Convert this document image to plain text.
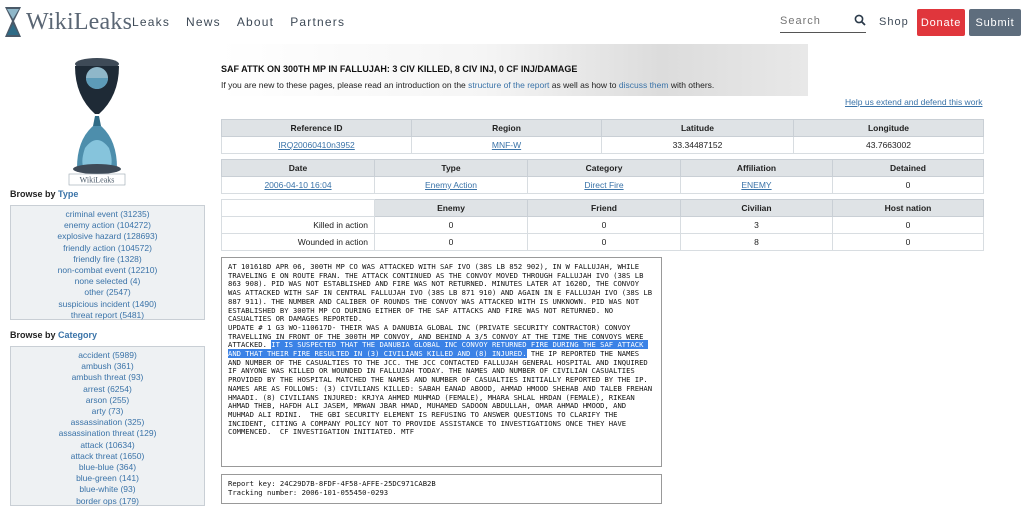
WikiLeaks Leaks News About Partners
Search	Shop	Donate	Submit
WikiLeaks
Browse by Type
criminal event (31235)
enemy action (104272)
explosive hazard (128693)
friendly action (104572)
friendly fire (1328)
non-combat event (12210)
none selected (4)
other (2547)
suspicious incident (1490)
threat report (5481)
Browse by Category
accident (5989)
ambush (361)
ambush threat (93)
arrest (6254)
arson (255)
arty (73)
assassination (325)
assassination threat (129)
attack (10634)
attack threat (1650)
blue-blue (364)
blue-green (141)
blue-white (93)
border ops (179)
SAF ATTK ON 300TH MP IN FALLUJAH: 3 CIV KILLED, 8 CIV INJ, 0 CF INJ/DAMAGE
If you are new to these pages, please read an introduction on the structure of the report as well as how to discuss them with others.
Help us extend and defend this work
Reference ID	Region	Latitude	Longitude
IRQ20060410n3952	MNF-W	33.34487152	43.7663002
Date	Type	Category	Affiliation	Detained
2006-04-10 16:04	Enemy Action	Direct Fire	ENEMY	0
	Enemy	Friend	Civilian	Host nation
Killed in action	0	0	3	0
Wounded in action	0	0	8	0
AT 101618D APR 06, 300TH MP CO WAS ATTACKED WITH SAF IVO (38S LB 852 902), IN W FALLUJAH, WHILE TRAVELING E ON ROUTE FRAN. THE ATTACK CONTINUED AS THE CONVOY MOVED THROUGH FALLUJAH IVO (38S LB 863 908). PID WAS NOT ESTABLISHED AND FIRE WAS NOT RETURNED. MINUTES LATER AT 1620D, THE CONVOY WAS ATTACKED WITH SAF IN CENTRAL FALLUJAH IVO (38S LB 871 910) AND AGAIN IN E FALLUJAH IVO (38S LB 887 911). THE NUMBER AND CALIBER OF ROUNDS THE CONVOY WAS ATTACKED WITH IS UNKNOWN. PID WAS NOT ESTABLISHED BY 300TH MP CO DURING EITHER OF THE SAF ATTACKS AND FIRE WAS NOT RETURNED. NO CASUALTIES OR DAMAGES REPORTED.
UPDATE # 1 G3 WO-110617D- THEIR WAS A DANUBIA GLOBAL INC (PRIVATE SECURITY CONTRACTOR) CONVOY TRAVELLING IN FRONT OF THE 300TH MP CONVOY, AND BEHIND A 3/5 CONVOY AT THE TIME THE CONVOYS WERE ATTACKED. IT IS SUSPECTED THAT THE DANUBIA GLOBAL INC CONVOY RETURNED FIRE DURING THE SAF ATTACK AND THAT THEIR FIRE RESULTED IN (3) CIVILIANS KILLED AND (8) INJURED. THE IP REPORTED THE NAMES AND NUMBER OF THE CASUALTIES TO THE JCC. THE JCC CONTACTED FALLUJAH GENERAL HOSPITAL AND INQUIRED IF ANYONE WAS KILLED OR WOUNDED IN FALLUJAH TODAY. THE NAMES AND NUMBER OF CIVILIAN CASUALTIES PROVIDED BY THE HOSPITAL MATCHED THE NAMES AND NUMBER OF CASUALTIES INITIALLY REPORTED BY THE IP. NAMES ARE AS FOLLOWS: (3) CIVILIANS KILLED: SABAH EANAD ABOOD, AHMAD HMOOD SHEHAB AND TALEB FREHAN HMAADI. (8) CIVILIANS INJURED: KRJYA AHMED MUHMAD (FEMALE), MHARA SHLAL HRDAN (FEMALE), RIKEAN AHMAD THEB, HAFDH ALI JASEM, MRWAN JBAR HMAD, MUHAMED SADOON ABDULLAH, OMAR AHMAD HMOOD, AND MUHMAD ALI RDINI.  THE GBI SECURITY ELEMENT IS REFUSING TO ANSWER QUESTIONS TO CLARIFY THE INCIDENT, CITING A COMPANY POLICY NOT TO PROVIDE ASSISTANCE TO INVESTIGATIONS ONCE THEY HAVE COMMENCED.  CF INVESTIGATION INITIATED. MTF
Report key: 24C29D7B-8FDF-4F58-AFFE-25DC971CAB2B
Tracking number: 2006-101-055450-0293
